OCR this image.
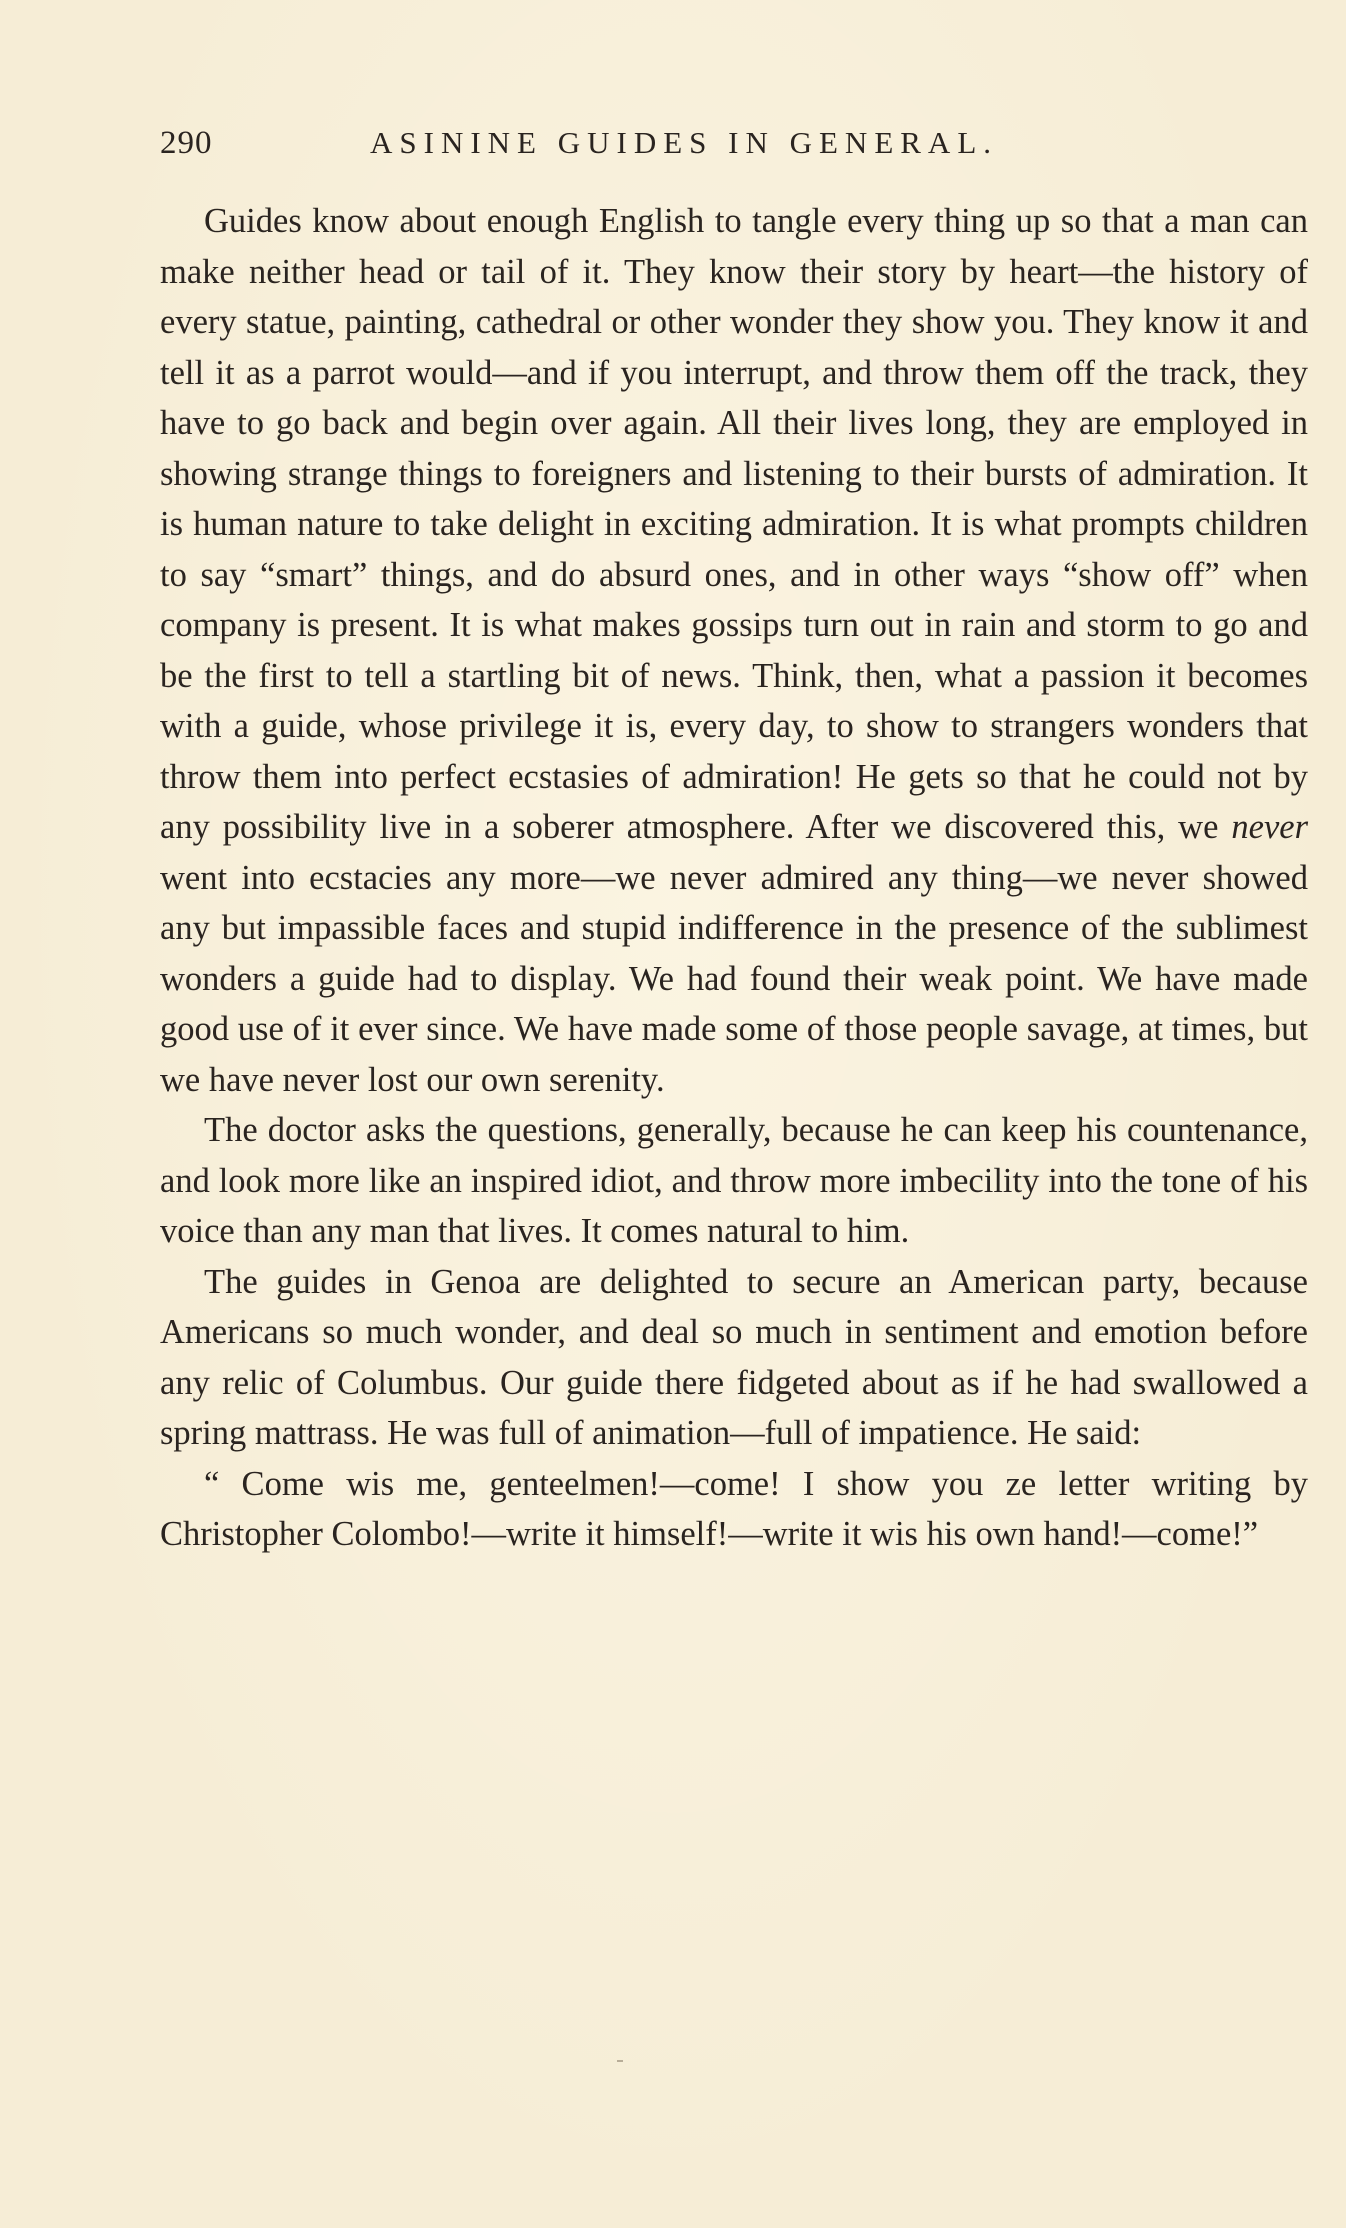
290	ASININE GUIDES IN GENERAL.

Guides know about enough English to tangle every thing up so that a man can make neither head or tail of it. They know their story by heart—the history of every statue, painting, cathedral or other wonder they show you. They know it and tell it as a parrot would—and if you interrupt, and throw them off the track, they have to go back and begin over again. All their lives long, they are employed in showing strange things to foreigners and listening to their bursts of admiration. It is human nature to take delight in exciting admiration. It is what prompts children to say “smart” things, and do absurd ones, and in other ways “show off” when company is present. It is what makes gossips turn out in rain and storm to go and be the first to tell a startling bit of news. Think, then, what a passion it becomes with a guide, whose privilege it is, every day, to show to strangers wonders that throw them into perfect ecstasies of admiration! He gets so that he could not by any possibility live in a soberer atmosphere. After we discovered this, we never went into ecstacies any more—we never admired any thing—we never showed any but impassible faces and stupid indifference in the presence of the sublimest wonders a guide had to display. We had found their weak point. We have made good use of it ever since. We have made some of those people savage, at times, but we have never lost our own serenity.

The doctor asks the questions, generally, because he can keep his countenance, and look more like an inspired idiot, and throw more imbecility into the tone of his voice than any man that lives. It comes natural to him.

The guides in Genoa are delighted to secure an American party, because Americans so much wonder, and deal so much in sentiment and emotion before any relic of Columbus. Our guide there fidgeted about as if he had swallowed a spring mattrass. He was full of animation—full of impatience. He said:

“ Come wis me, genteelmen!—come! I show you ze letter writing by Christopher Colombo!—write it himself!—write it wis his own hand!—come!”
